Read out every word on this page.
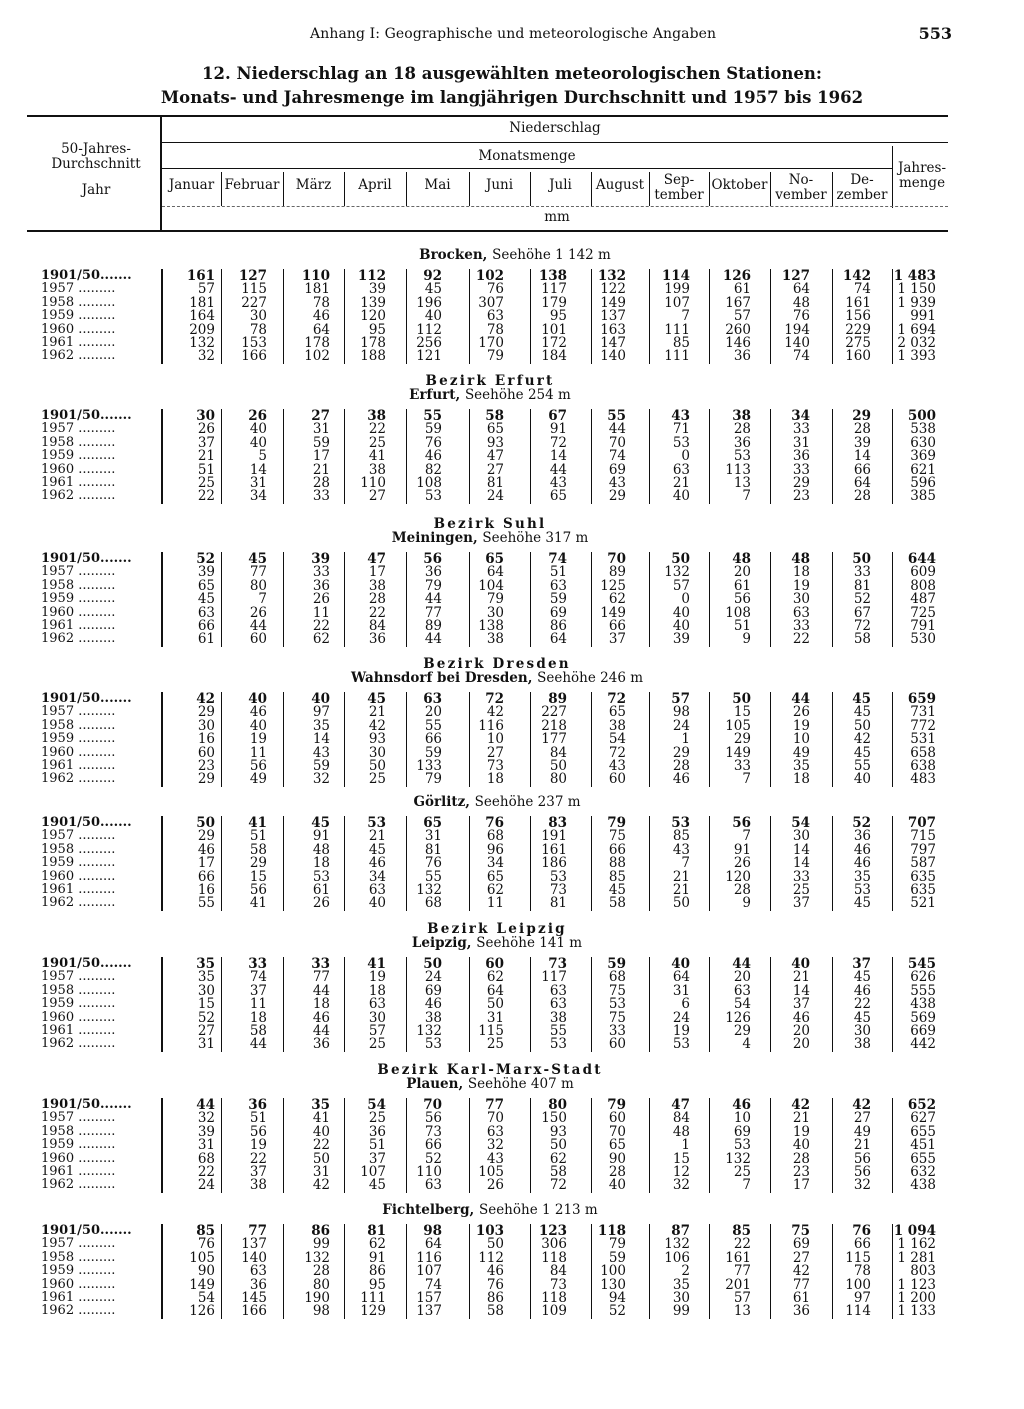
Anhang I: Geographische und meteorologische Angaben	553
12. Niederschlag an 18 ausgewählten meteorologischen Stationen:
Monats- und Jahresmenge im langjährigen Durchschnitt und 1957 bis 1962
50-Jahres-
Durchschnitt
Jahr
Niederschlag
Monatsmenge
Jahres-
menge
Januar Februar	März	April	Mai	Juni	Juli	August	Sep-
tember
Oktober	No-
vember
De-
zember
mm
Brocken, Seehöhe 1 142 m
1901/50.......	161	127	110	112	92	102	138	132	114	126	127	142	1 483
1957 .........	57	115	181	39	45	76	117	122	199	61	64	74	1 150
1958 .........	181	227	78	139	196	307	179	149	107	167	48	161	1 939
1959 .........	164	30	46	120	40	63	95	137	7	57	76	156	991
1960 .........	209	78	64	95	112	78	101	163	111	260	194	229	1 694
1961 .........	132	153	178	178	256	170	172	147	85	146	140	275	2 032
1962 .........	32	166	102	188	121	79	184	140	111	36	74	160	1 393
Bezirk Erfurt
Erfurt, Seehöhe 254 m
1901/50.......	30	26	27	38	55	58	67	55	43	38	34	29	500
1957 .........	26	40	31	22	59	65	91	44	71	28	33	28	538
1958 .........	37	40	59	25	76	93	72	70	53	36	31	39	630
1959 .........	21	5	17	41	46	47	14	74	0	53	36	14	369
1960 .........	51	14	21	38	82	27	44	69	63	113	33	66	621
1961 .........	25	31	28	110	108	81	43	43	21	13	29	64	596
1962 .........	22	34	33	27	53	24	65	29	40	7	23	28	385
Bezirk Suhl
Meiningen, Seehöhe 317 m
1901/50.......	52	45	39	47	56	65	74	70	50	48	48	50	644
1957 .........	39	77	33	17	36	64	51	89	132	20	18	33	609
1958 .........	65	80	36	38	79	104	63	125	57	61	19	81	808
1959 .........	45	7	26	28	44	79	59	62	0	56	30	52	487
1960 .........	63	26	11	22	77	30	69	149	40	108	63	67	725
1961 .........	66	44	22	84	89	138	86	66	40	51	33	72	791
1962 .........	61	60	62	36	44	38	64	37	39	9	22	58	530
Bezirk Dresden
Wahnsdorf bei Dresden, Seehöhe 246 m
1901/50.......	42	40	40	45	63	72	89	72	57	50	44	45	659
1957 .........	29	46	97	21	20	42	227	65	98	15	26	45	731
1958 .........	30	40	35	42	55	116	218	38	24	105	19	50	772
1959 .........	16	19	14	93	66	10	177	54	1	29	10	42	531
1960 .........	60	11	43	30	59	27	84	72	29	149	49	45	658
1961 .........	23	56	59	50	133	73	50	43	28	33	35	55	638
1962 .........	29	49	32	25	79	18	80	60	46	7	18	40	483
Görlitz, Seehöhe 237 m
1901/50.......	50	41	45	53	65	76	83	79	53	56	54	52	707
1957 .........	29	51	91	21	31	68	191	75	85	7	30	36	715
1958 .........	46	58	48	45	81	96	161	66	43	91	14	46	797
1959 .........	17	29	18	46	76	34	186	88	7	26	14	46	587
1960 .........	66	15	53	34	55	65	53	85	21	120	33	35	635
1961 .........	16	56	61	63	132	62	73	45	21	28	25	53	635
1962 .........	55	41	26	40	68	11	81	58	50	9	37	45	521
Bezirk Leipzig
Leipzig, Seehöhe 141 m
1901/50.......	35	33	33	41	50	60	73	59	40	44	40	37	545
1957 .........	35	74	77	19	24	62	117	68	64	20	21	45	626
1958 .........	30	37	44	18	69	64	63	75	31	63	14	46	555
1959 .........	15	11	18	63	46	50	63	53	6	54	37	22	438
1960 .........	52	18	46	30	38	31	38	75	24	126	46	45	569
1961 .........	27	58	44	57	132	115	55	33	19	29	20	30	669
1962 .........	31	44	36	25	53	25	53	60	53	4	20	38	442
Bezirk Karl-Marx-Stadt
Plauen, Seehöhe 407 m
1901/50.......	44	36	35	54	70	77	80	79	47	46	42	42	652
1957 .........	32	51	41	25	56	70	150	60	84	10	21	27	627
1958 .........	39	56	40	36	73	63	93	70	48	69	19	49	655
1959 .........	31	19	22	51	66	32	50	65	1	53	40	21	451
1960 .........	68	22	50	37	52	43	62	90	15	132	28	56	655
1961 .........	22	37	31	107	110	105	58	28	12	25	23	56	632
1962 .........	24	38	42	45	63	26	72	40	32	7	17	32	438
Fichtelberg, Seehöhe 1 213 m
1901/50.......	85	77	86	81	98	103	123	118	87	85	75	76	1 094
1957 .........	76	137	99	62	64	50	306	79	132	22	69	66	1 162
1958 .........	105	140	132	91	116	112	118	59	106	161	27	115	1 281
1959 .........	90	63	28	86	107	46	84	100	2	77	42	78	803
1960 .........	149	36	80	95	74	76	73	130	35	201	77	100	1 123
1961 .........	54	145	190	111	157	86	118	94	30	57	61	97	1 200
1962 .........	126	166	98	129	137	58	109	52	99	13	36	114	1 133
